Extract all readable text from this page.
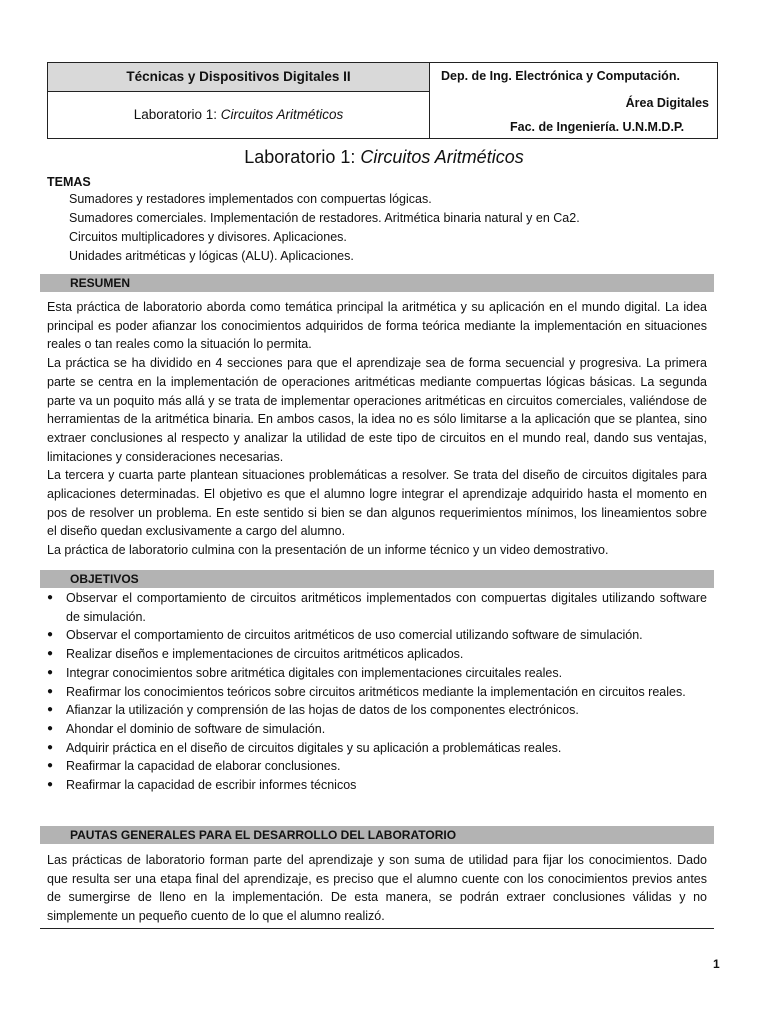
Técnicas y Dispositivos Digitales II
Laboratorio 1: Circuitos Aritméticos
Dep. de Ing. Electrónica y Computación.
Área Digitales
Fac. de Ingeniería. U.N.M.D.P.
Laboratorio 1: Circuitos Aritméticos
TEMAS
Sumadores y restadores implementados con compuertas lógicas.
Sumadores comerciales. Implementación de restadores. Aritmética binaria natural y en Ca2.
Circuitos multiplicadores y divisores. Aplicaciones.
Unidades aritméticas y lógicas (ALU). Aplicaciones.
RESUMEN

Esta práctica de laboratorio aborda como temática principal la aritmética y su aplicación en el mundo digital. La idea principal es poder afianzar los conocimientos adquiridos de forma teórica mediante la implementación en situaciones reales o tan reales como la situación lo permita.

La práctica se ha dividido en 4 secciones para que el aprendizaje sea de forma secuencial y progresiva. La primera parte se centra en la implementación de operaciones aritméticas mediante compuertas lógicas básicas. La segunda parte va un poquito más allá y se trata de implementar operaciones aritméticas en circuitos comerciales, valiéndose de herramientas de la aritmética binaria. En ambos casos, la idea no es sólo limitarse a la aplicación que se plantea, sino extraer conclusiones al respecto y analizar la utilidad de este tipo de circuitos en el mundo real, dando sus ventajas, limitaciones y consideraciones necesarias.

La tercera y cuarta parte plantean situaciones problemáticas a resolver. Se trata del diseño de circuitos digitales para aplicaciones determinadas. El objetivo es que el alumno logre integrar el aprendizaje adquirido hasta el momento en pos de resolver un problema. En este sentido si bien se dan algunos requerimientos mínimos, los lineamientos sobre el diseño quedan exclusivamente a cargo del alumno.

La práctica de laboratorio culmina con la presentación de un informe técnico y un video demostrativo.

OBJETIVOS
● Observar el comportamiento de circuitos aritméticos implementados con compuertas digitales utilizando software de simulación.
● Observar el comportamiento de circuitos aritméticos de uso comercial utilizando software de simulación.
● Realizar diseños e implementaciones de circuitos aritméticos aplicados.
● Integrar conocimientos sobre aritmética digitales con implementaciones circuitales reales.
● Reafirmar los conocimientos teóricos sobre circuitos aritméticos mediante la implementación en circuitos reales.
● Afianzar la utilización y comprensión de las hojas de datos de los componentes electrónicos.
● Ahondar el dominio de software de simulación.
● Adquirir práctica en el diseño de circuitos digitales y su aplicación a problemáticas reales.
● Reafirmar la capacidad de elaborar conclusiones.
● Reafirmar la capacidad de escribir informes técnicos
PAUTAS GENERALES PARA EL DESARROLLO DEL LABORATORIO

Las prácticas de laboratorio forman parte del aprendizaje y son suma de utilidad para fijar los conocimientos. Dado que resulta ser una etapa final del aprendizaje, es preciso que el alumno cuente con los conocimientos previos antes de sumergirse de lleno en la implementación. De esta manera, se podrán extraer conclusiones válidas y no simplemente un pequeño cuento de lo que el alumno realizó.

1
